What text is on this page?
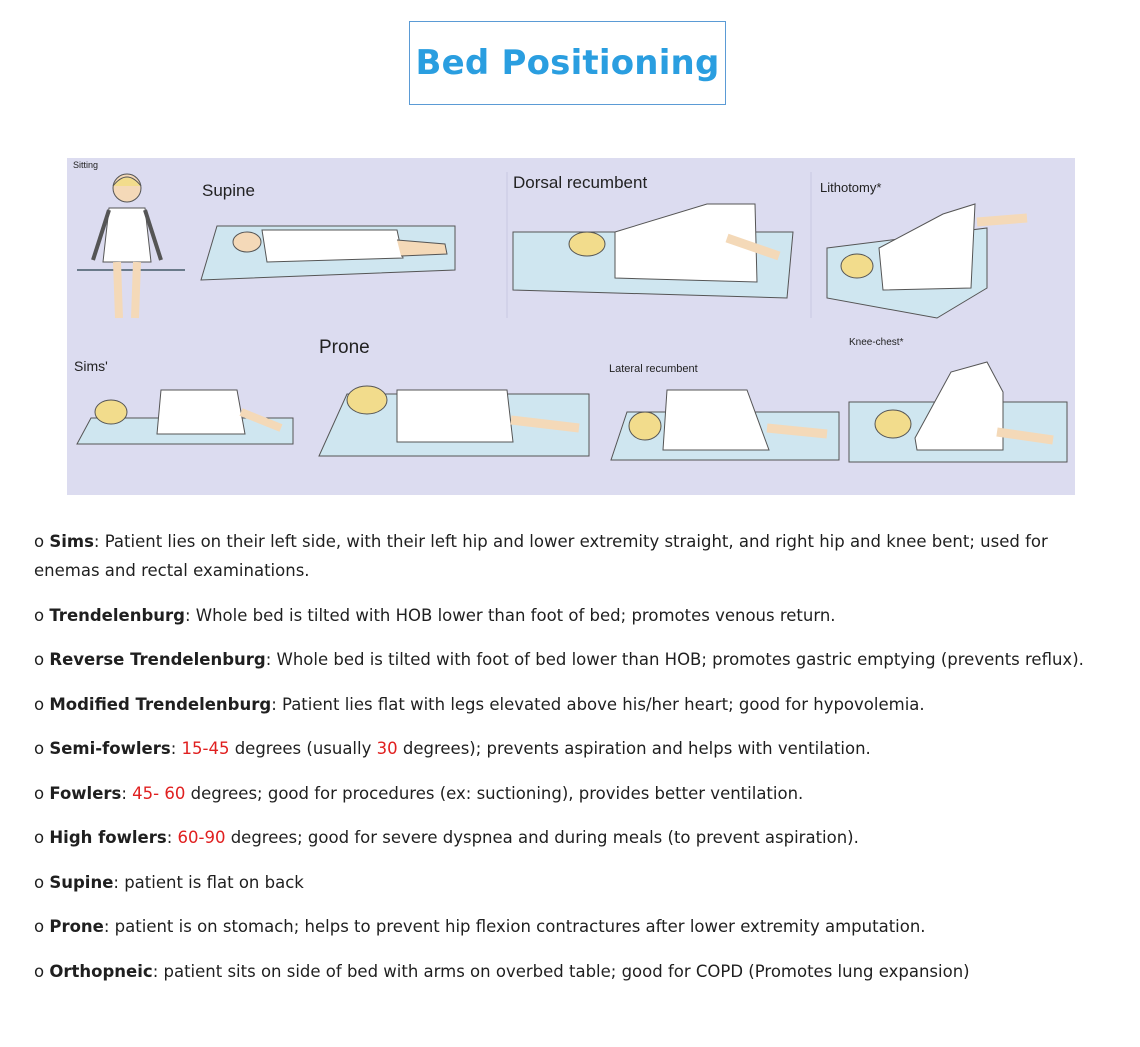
Bed Positioning
Sitting
Supine	Dorsal recumbent	Lithotomy*
Sims'
Prone
Lateral recumbent
Knee-chest*
o Sims: Patient lies on their left side, with their left hip and lower extremity straight, and right hip and knee bent; used for enemas and rectal examinations.
o Trendelenburg: Whole bed is tilted with HOB lower than foot of bed; promotes venous return.
o Reverse Trendelenburg: Whole bed is tilted with foot of bed lower than HOB; promotes gastric emptying (prevents reflux).
o Modified Trendelenburg: Patient lies flat with legs elevated above his/her heart; good for hypovolemia.
o Semi-fowlers: 15-45 degrees (usually 30 degrees); prevents aspiration and helps with ventilation.
o Fowlers: 45- 60 degrees; good for procedures (ex: suctioning), provides better ventilation.
o High fowlers: 60-90 degrees; good for severe dyspnea and during meals (to prevent aspiration).
o Supine: patient is flat on back
o Prone: patient is on stomach; helps to prevent hip flexion contractures after lower extremity amputation.
o Orthopneic: patient sits on side of bed with arms on overbed table; good for COPD (Promotes lung expansion)
